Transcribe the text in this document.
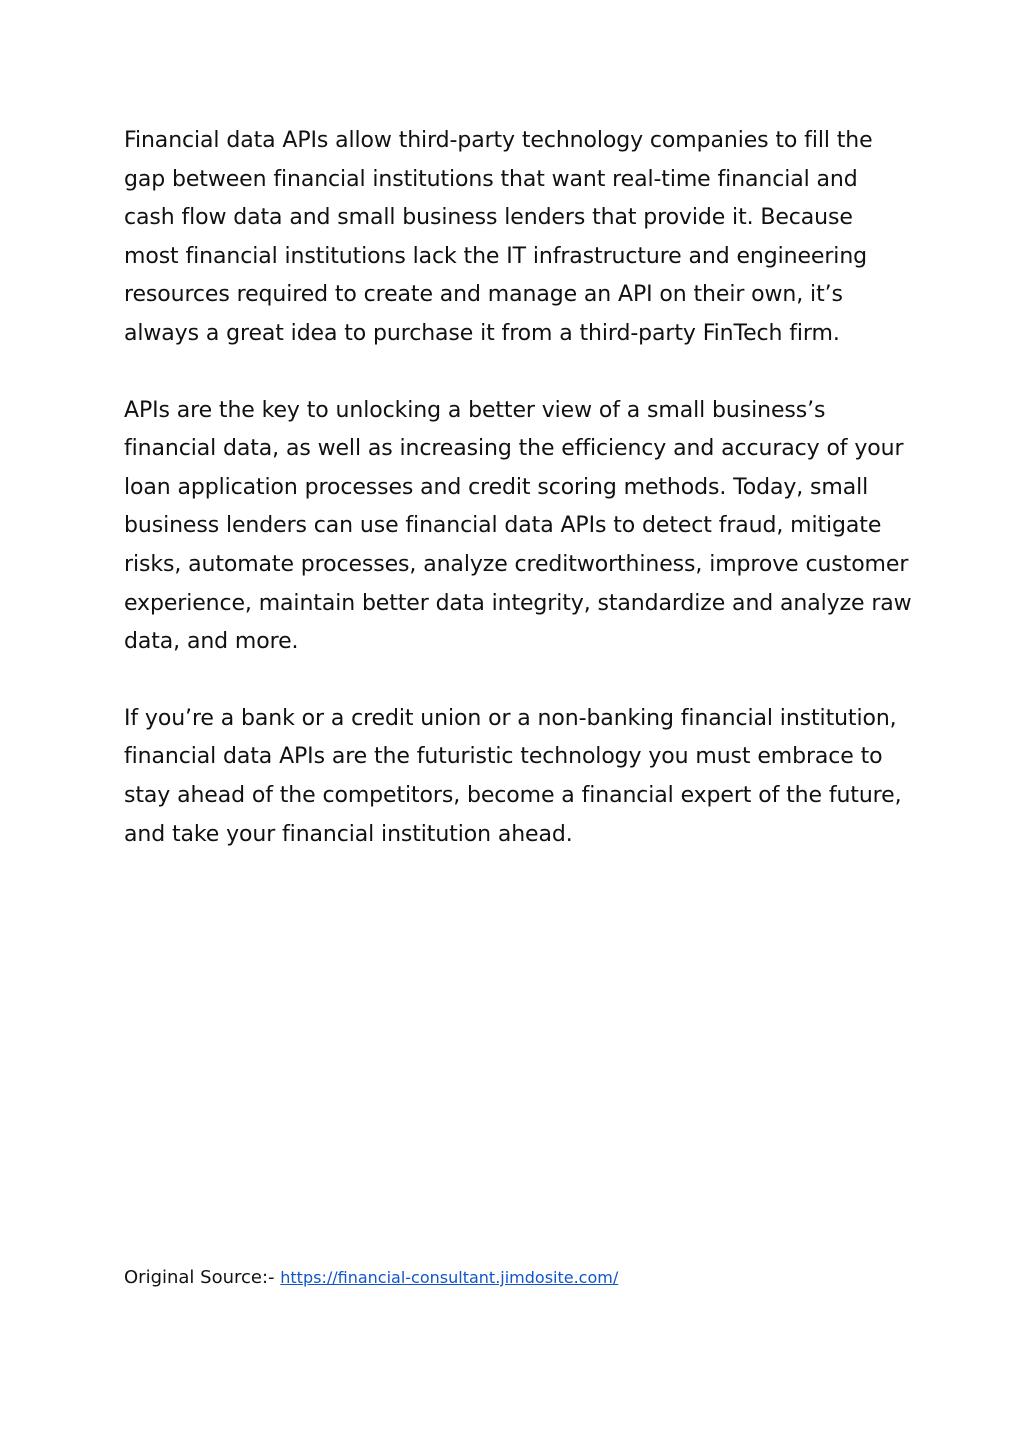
Financial data APIs allow third-party technology companies to fill the gap between financial institutions that want real-time financial and cash flow data and small business lenders that provide it. Because most financial institutions lack the IT infrastructure and engineering resources required to create and manage an API on their own, it’s always a great idea to purchase it from a third-party FinTech firm.

APIs are the key to unlocking a better view of a small business’s financial data, as well as increasing the efficiency and accuracy of your loan application processes and credit scoring methods. Today, small business lenders can use financial data APIs to detect fraud, mitigate risks, automate processes, analyze creditworthiness, improve customer experience, maintain better data integrity, standardize and analyze raw data, and more.

If you’re a bank or a credit union or a non-banking financial institution, financial data APIs are the futuristic technology you must embrace to stay ahead of the competitors, become a financial expert of the future, and take your financial institution ahead.

Original Source:- https://financial-consultant.jimdosite.com/
